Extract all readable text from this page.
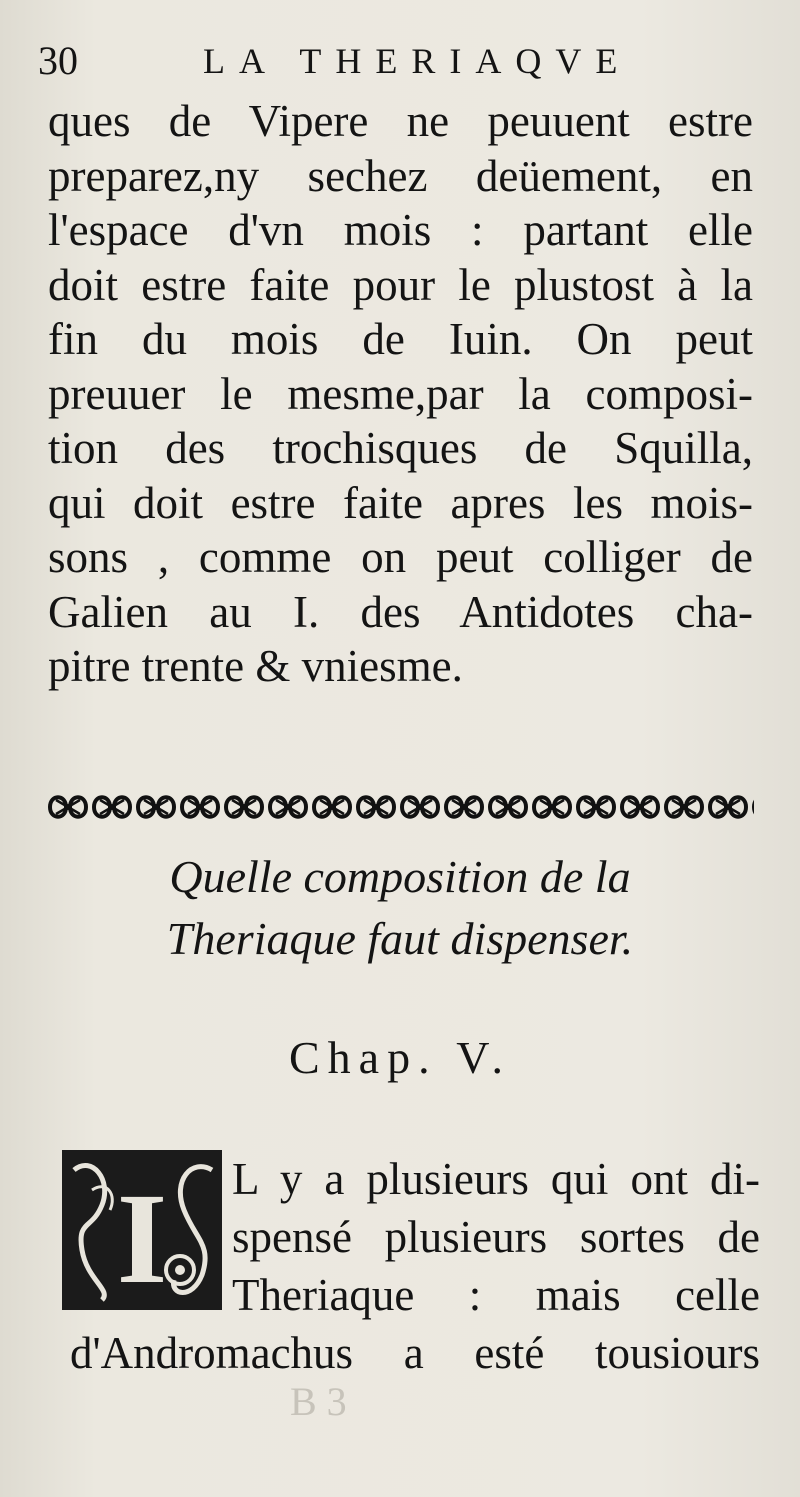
30	LA THERIAQVE
ques de Vipere ne peuuent estre
preparez,ny sechez deüement, en
l'espace d'vn mois : partant elle
doit estre faite pour le plustost à la
fin du mois de Iuin. On peut
preuuer le mesme,par la composi-
tion des trochisques de Squilla,
qui doit estre faite apres les mois-
sons , comme on peut colliger de
Galien au I. des Antidotes cha-
pitre trente & vniesme.
Quelle composition de la
Theriaque faut dispenser.
Chap. V.
I L y a plusieurs qui ont di-
spensé plusieurs sortes de
Theriaque : mais celle
d'Andromachus a esté tousiours
B 3
